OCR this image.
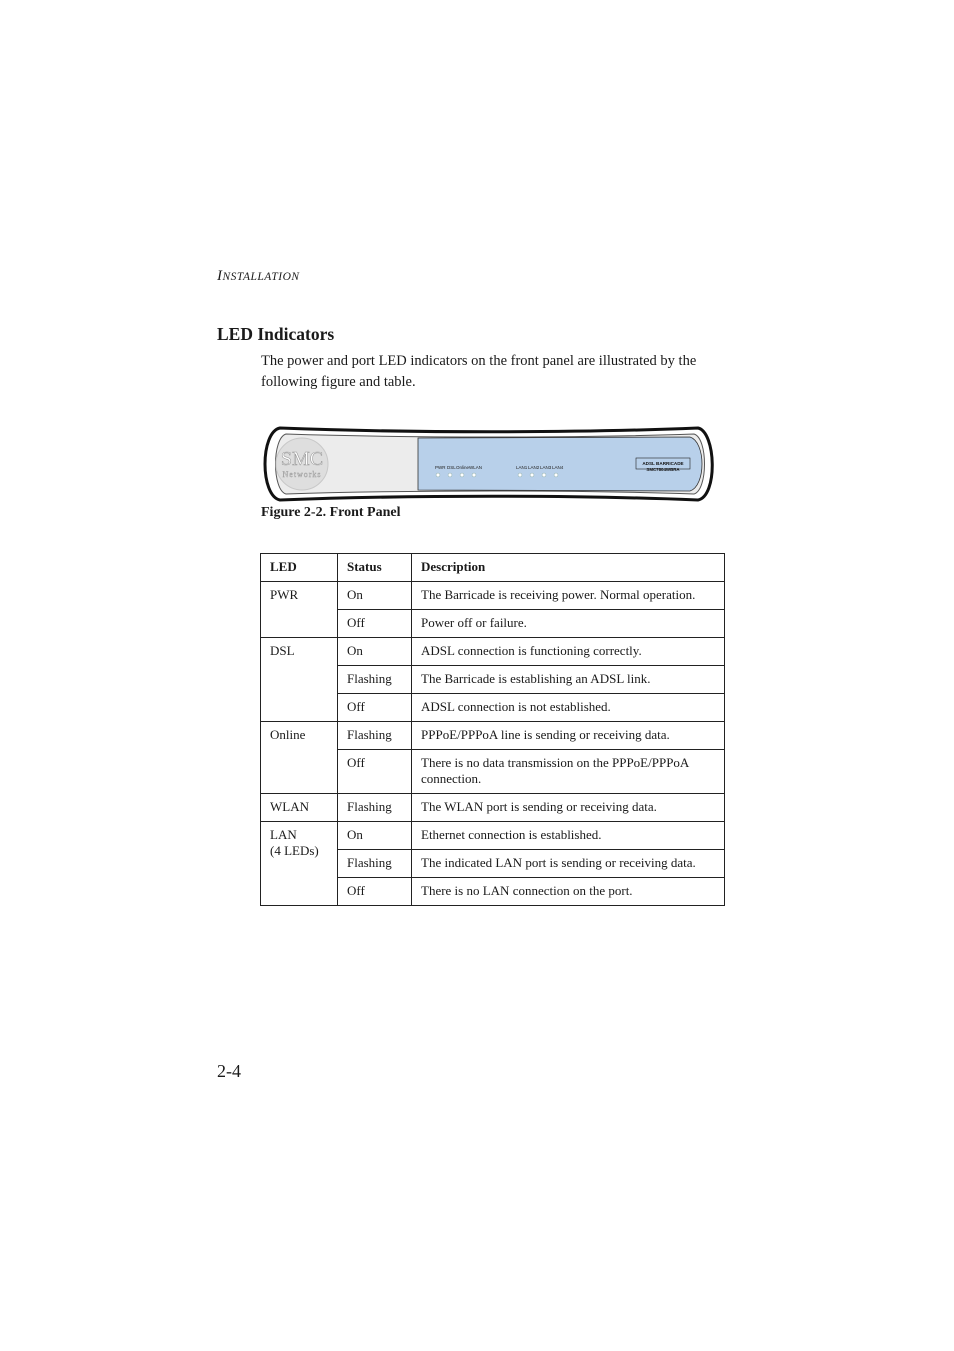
INSTALLATION
LED Indicators

The power and port LED indicators on the front panel are illustrated by the following figure and table.

SMC
Networks
PWR DSL Online WLAN	LAN1 LAN2 LAN3 LAN4
ADSL BARRICADE
SMC7804WBRA
Figure 2-2. Front Panel
LED	Status	Description
PWR	On	The Barricade is receiving power. Normal operation.
	Off	Power off or failure.
DSL	On	ADSL connection is functioning correctly.
	Flashing	The Barricade is establishing an ADSL link.
	Off	ADSL connection is not established.
Online	Flashing	PPPoE/PPPoA line is sending or receiving data.
	Off	There is no data transmission on the PPPoE/PPPoA connection.
WLAN	Flashing	The WLAN port is sending or receiving data.
LAN
(4 LEDs)	On	Ethernet connection is established.
	Flashing	The indicated LAN port is sending or receiving data.
	Off	There is no LAN connection on the port.
2-4
